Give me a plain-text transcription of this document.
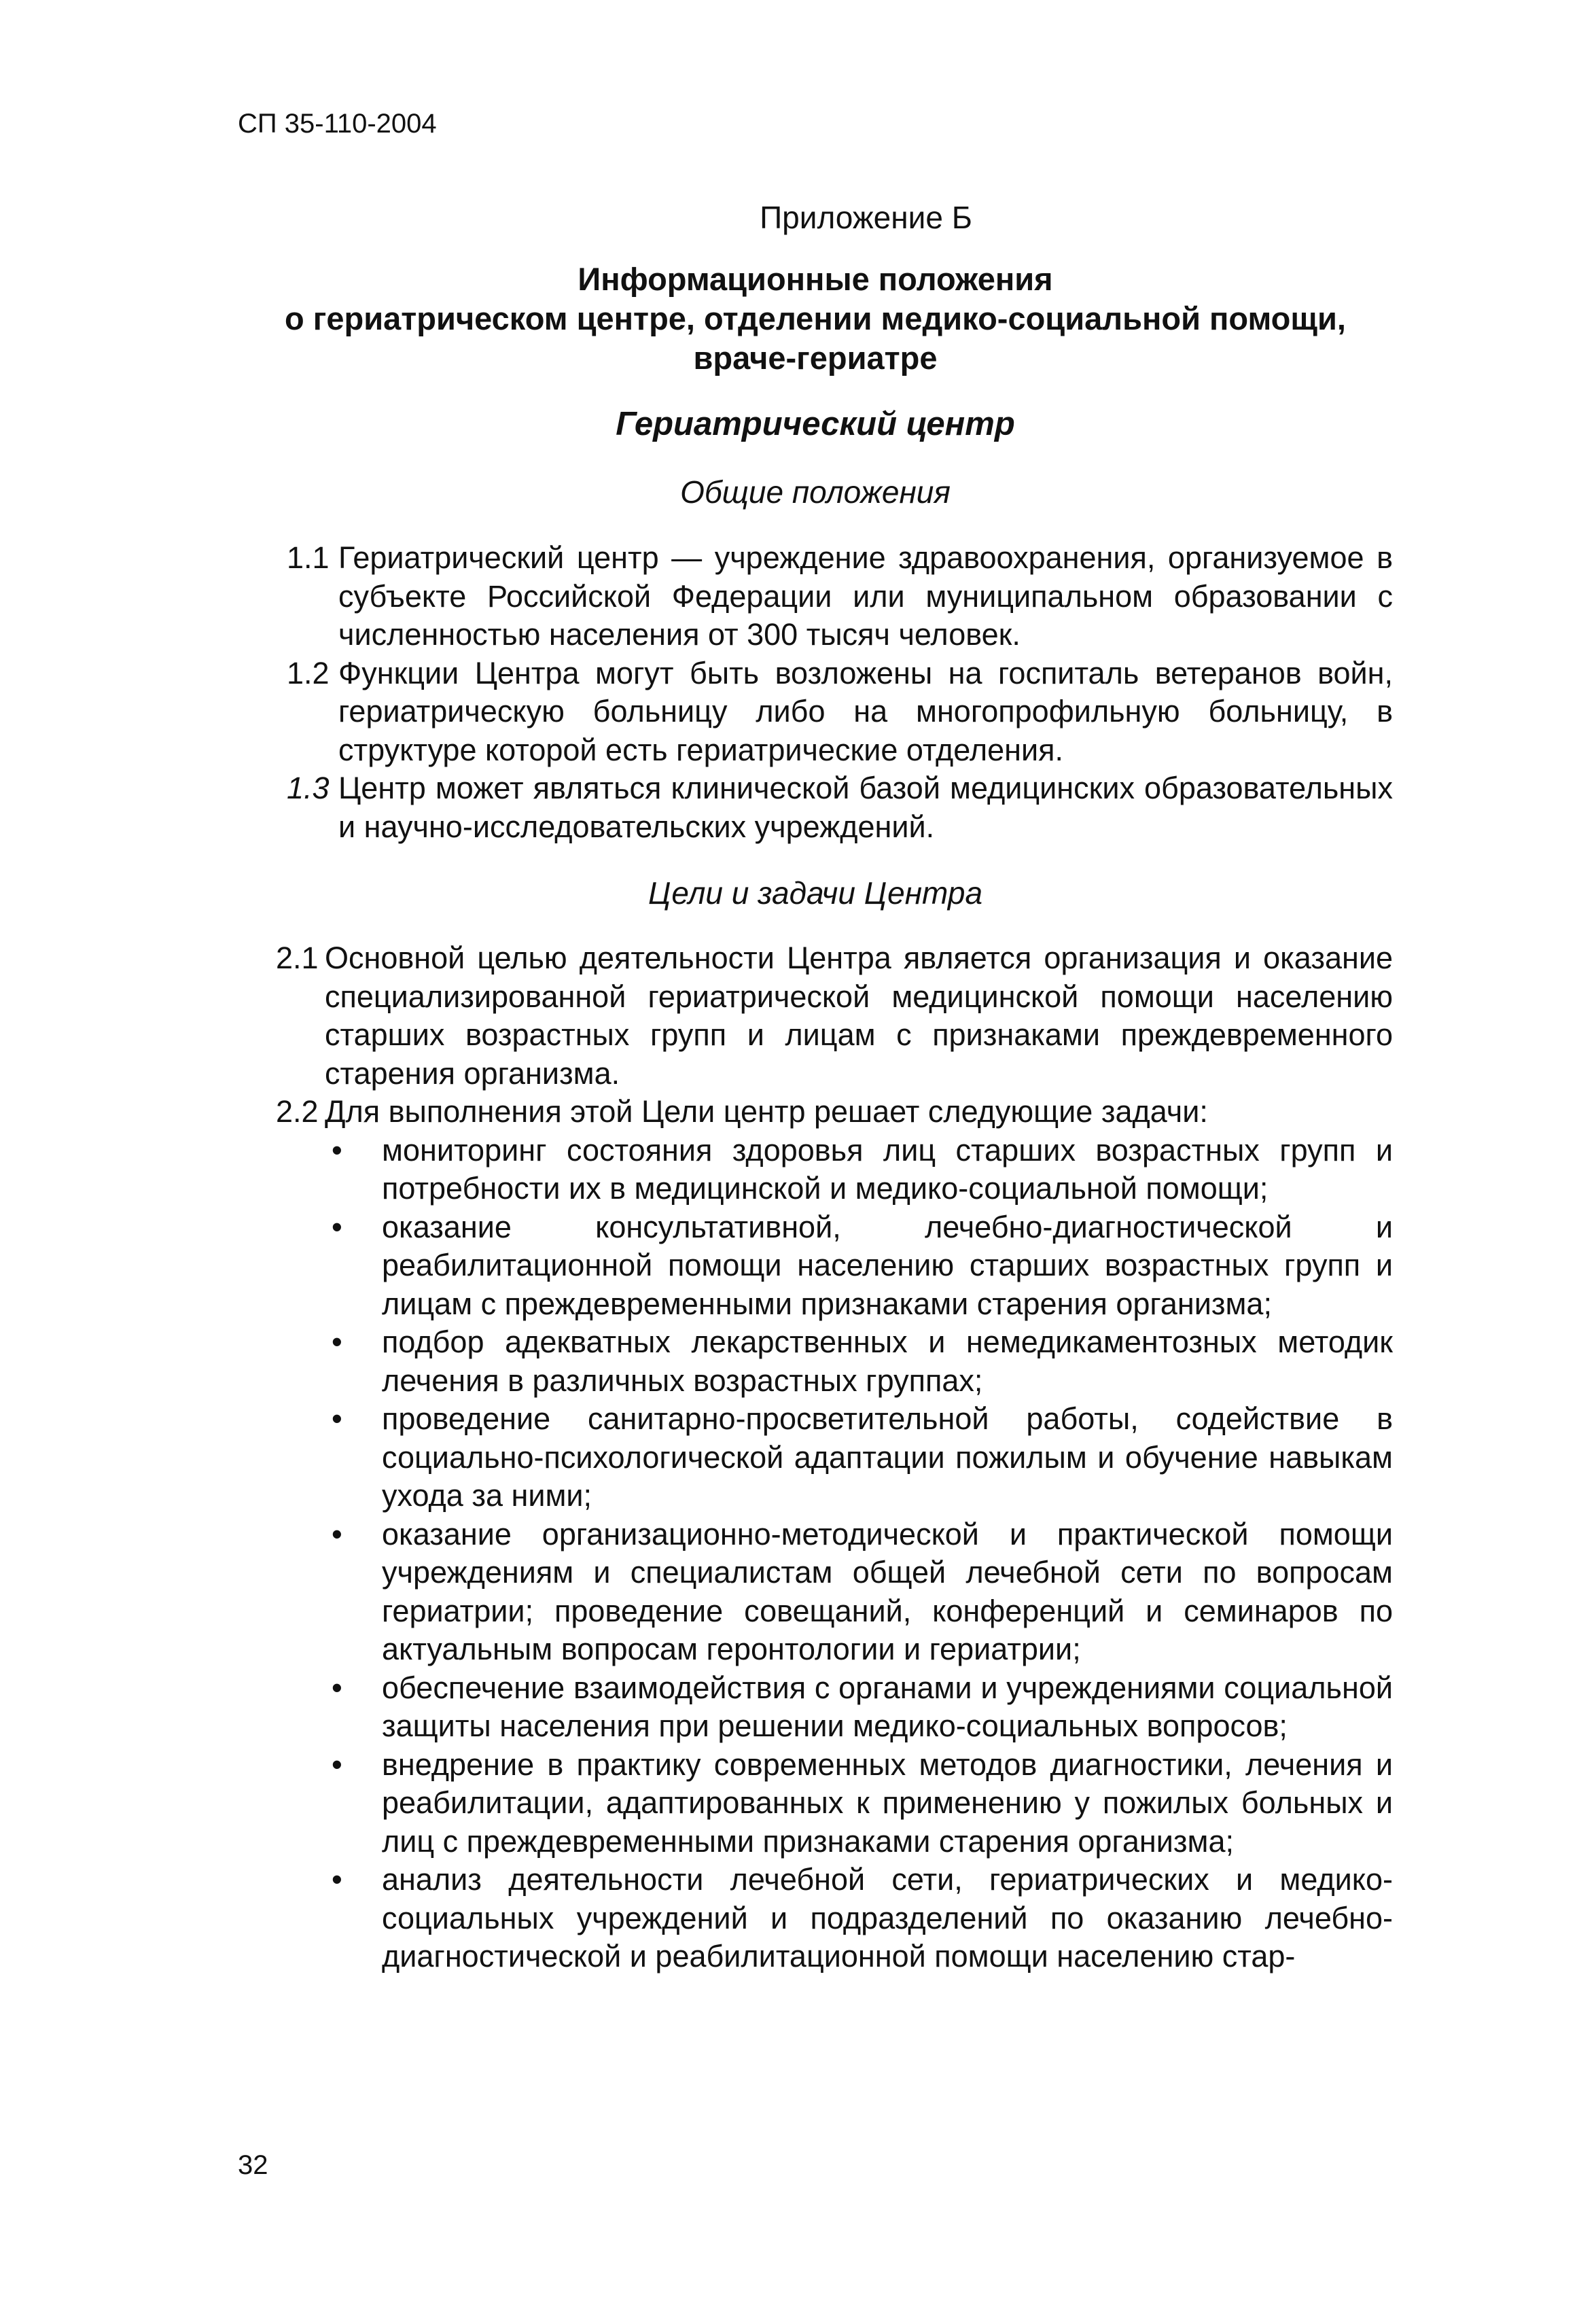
СП 35-110-2004
Приложение Б
Информационные положения
о гериатрическом центре, отделении медико-социальной помощи,
враче-гериатре
Гериатрический центр
Общие положения
1.1 Гериатрический центр — учреждение здравоохранения, организуемое в субъекте Российской Федерации или муниципальном образовании с численностью населения от 300 тысяч человек.
1.2 Функции Центра могут быть возложены на госпиталь ветеранов войн, гериатрическую больницу либо на многопрофильную больницу, в структуре которой есть гериатрические отделения.
1.3 Центр может являться клинической базой медицинских образовательных и научно-исследовательских учреждений.
Цели и задачи Центра
2.1 Основной целью деятельности Центра является организация и оказание специализированной гериатрической медицинской помощи населению старших возрастных групп и лицам с признаками преждевременного старения организма.
2.2 Для выполнения этой Цели центр решает следующие задачи:
• мониторинг состояния здоровья лиц старших возрастных групп и потребности их в медицинской и медико-социальной помощи;
• оказание консультативной, лечебно-диагностической и реабилитационной помощи населению старших возрастных групп и лицам с преждевременными признаками старения организма;
• подбор адекватных лекарственных и немедикаментозных методик лечения в различных возрастных группах;
• проведение санитарно-просветительной работы, содействие в социально-психологической адаптации пожилым и обучение навыкам ухода за ними;
• оказание организационно-методической и практической помощи учреждениям и специалистам общей лечебной сети по вопросам гериатрии; проведение совещаний, конференций и семинаров по актуальным вопросам геронтологии и гериатрии;
• обеспечение взаимодействия с органами и учреждениями социальной защиты населения при решении медико-социальных вопросов;
• внедрение в практику современных методов диагностики, лечения и реабилитации, адаптированных к применению у пожилых больных и лиц с преждевременными признаками старения организма;
• анализ деятельности лечебной сети, гериатрических и медико-социальных учреждений и подразделений по оказанию лечебно-диагностической и реабилитационной помощи населению стар-
32
